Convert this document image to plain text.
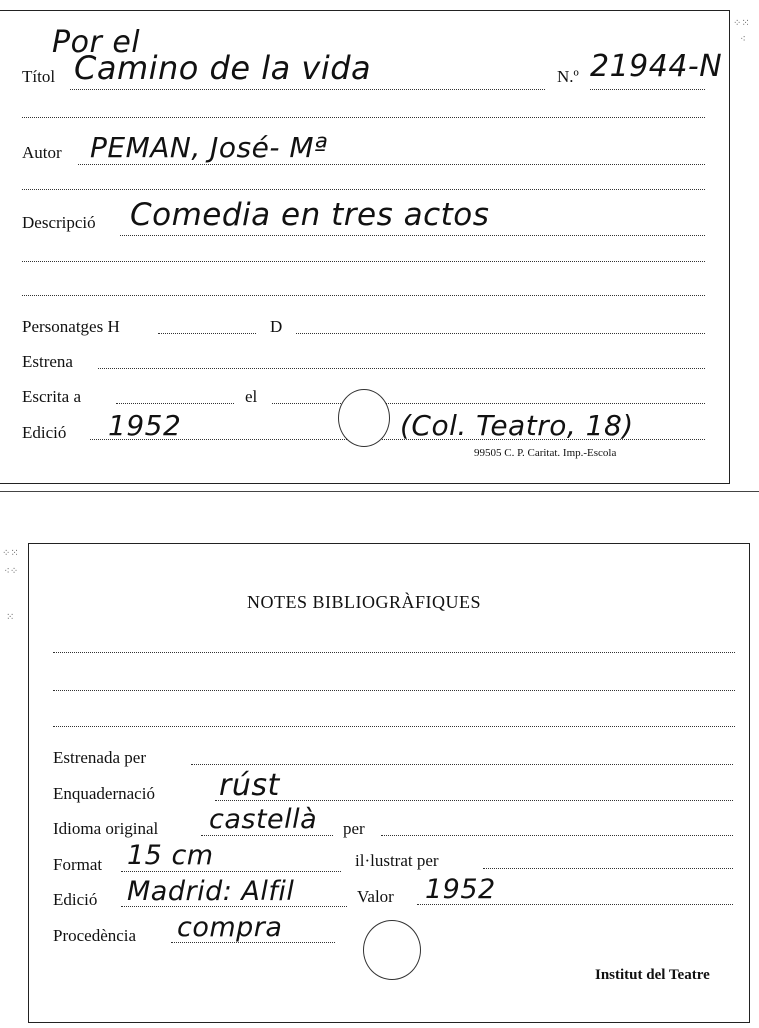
Por el
Títol Camino de la vida	N.º 21944-N
Autor PEMAN, José- Mª
Descripció Comedia en tres actos
Personatges H	D
Estrena
Escrita a	el
Edició 1952	(Col. Teatro, 18)
99505 C. P. Caritat. Imp.-Escola
⁘⁙
⁖
⁘⁙
⁖⁘
⁙
NOTES BIBLIOGRÀFIQUES
Estrenada per
Enquadernació rúst
Idioma original castellà per
Format 15 cm	il·lustrat per
Edició Madrid: Alfil	Valor 1952
Procedència compra
Institut del Teatre
